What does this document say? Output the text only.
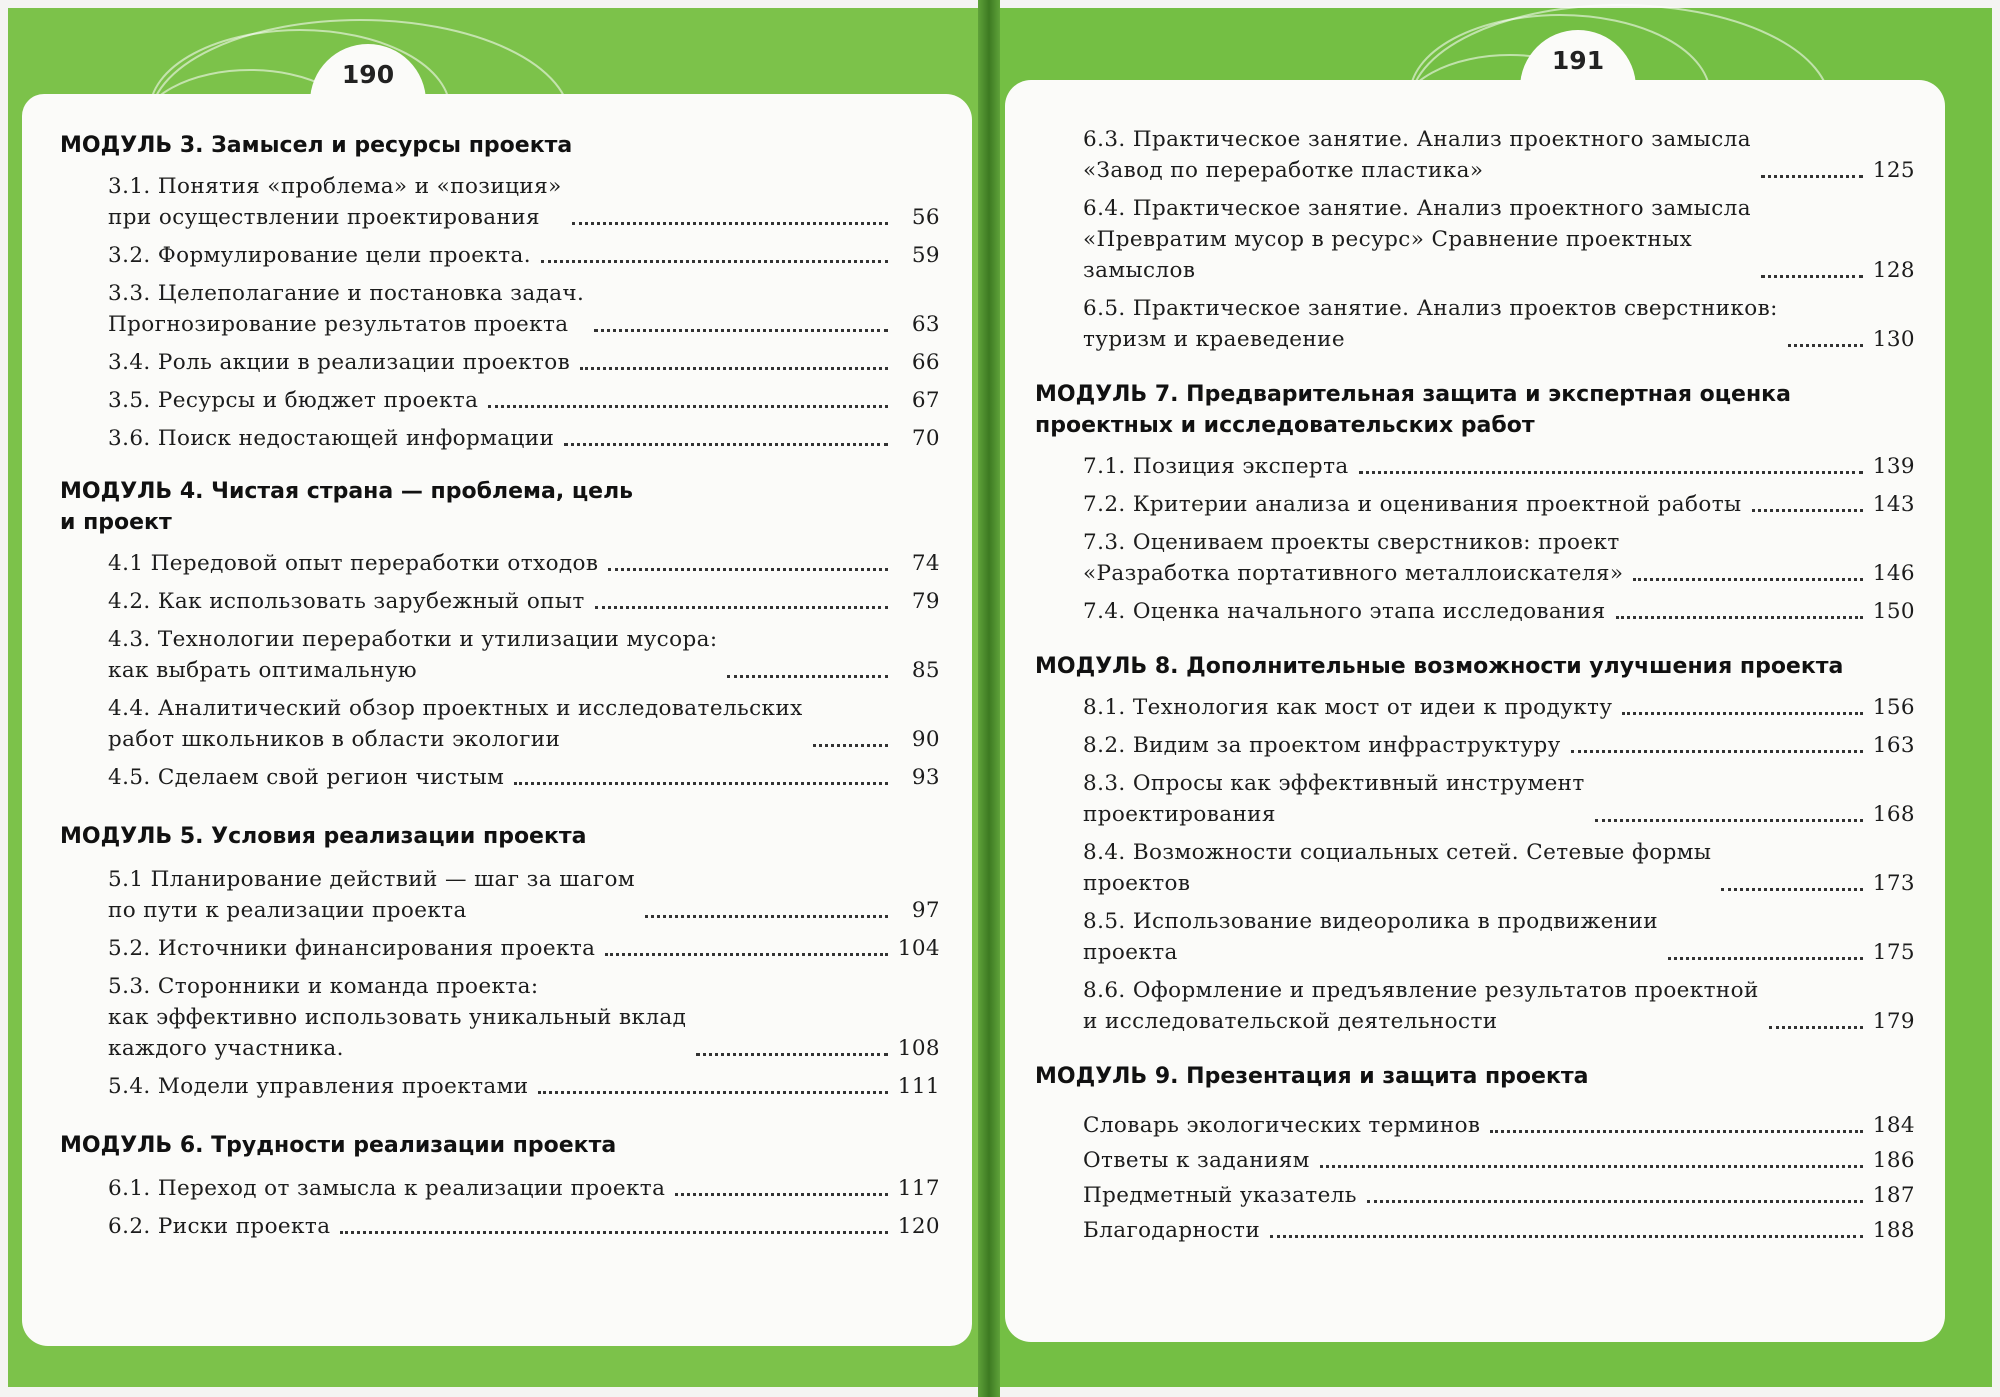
190	191
МОДУЛЬ 3. Замысел и ресурсы проекта
3.1. Понятия «проблема» и «позиция»
при осуществлении проектирования	56
3.2. Формулирование цели проекта.	59
3.3. Целеполагание и постановка задач.
Прогнозирование результатов проекта	63
3.4. Роль акции в реализации проектов	66
3.5. Ресурсы и бюджет проекта	67
3.6. Поиск недостающей информации	70
МОДУЛЬ 4. Чистая страна — проблема, цель
и проект
4.1 Передовой опыт переработки отходов	74
4.2. Как использовать зарубежный опыт	79
4.3. Технологии переработки и утилизации мусора:
как выбрать оптимальную	85
4.4. Аналитический обзор проектных и исследовательских
работ школьников в области экологии	90
4.5. Сделаем свой регион чистым	93
МОДУЛЬ 5. Условия реализации проекта
5.1 Планирование действий — шаг за шагом
по пути к реализации проекта	97
5.2. Источники финансирования проекта	104
5.3. Сторонники и команда проекта:
как эффективно использовать уникальный вклад
каждого участника.	108
5.4. Модели управления проектами	111
МОДУЛЬ 6. Трудности реализации проекта
6.1. Переход от замысла к реализации проекта	117
6.2. Риски проекта	120
6.3. Практическое занятие. Анализ проектного замысла
«Завод по переработке пластика»	125
6.4. Практическое занятие. Анализ проектного замысла
«Превратим мусор в ресурс» Сравнение проектных
замыслов	128
6.5. Практическое занятие. Анализ проектов сверстников:
туризм и краеведение	130
МОДУЛЬ 7. Предварительная защита и экспертная оценка
проектных и исследовательских работ
7.1. Позиция эксперта	139
7.2. Критерии анализа и оценивания проектной работы	143
7.3. Оцениваем проекты сверстников: проект
«Разработка портативного металлоискателя»	146
7.4. Оценка начального этапа исследования	150
МОДУЛЬ 8. Дополнительные возможности улучшения проекта
8.1. Технология как мост от идеи к продукту	156
8.2. Видим за проектом инфраструктуру	163
8.3. Опросы как эффективный инструмент
проектирования	168
8.4. Возможности социальных сетей. Сетевые формы
проектов	173
8.5. Использование видеоролика в продвижении
проекта	175
8.6. Оформление и предъявление результатов проектной
и исследовательской деятельности	179
МОДУЛЬ 9. Презентация и защита проекта
Словарь экологических терминов	184
Ответы к заданиям	186
Предметный указатель	187
Благодарности	188
